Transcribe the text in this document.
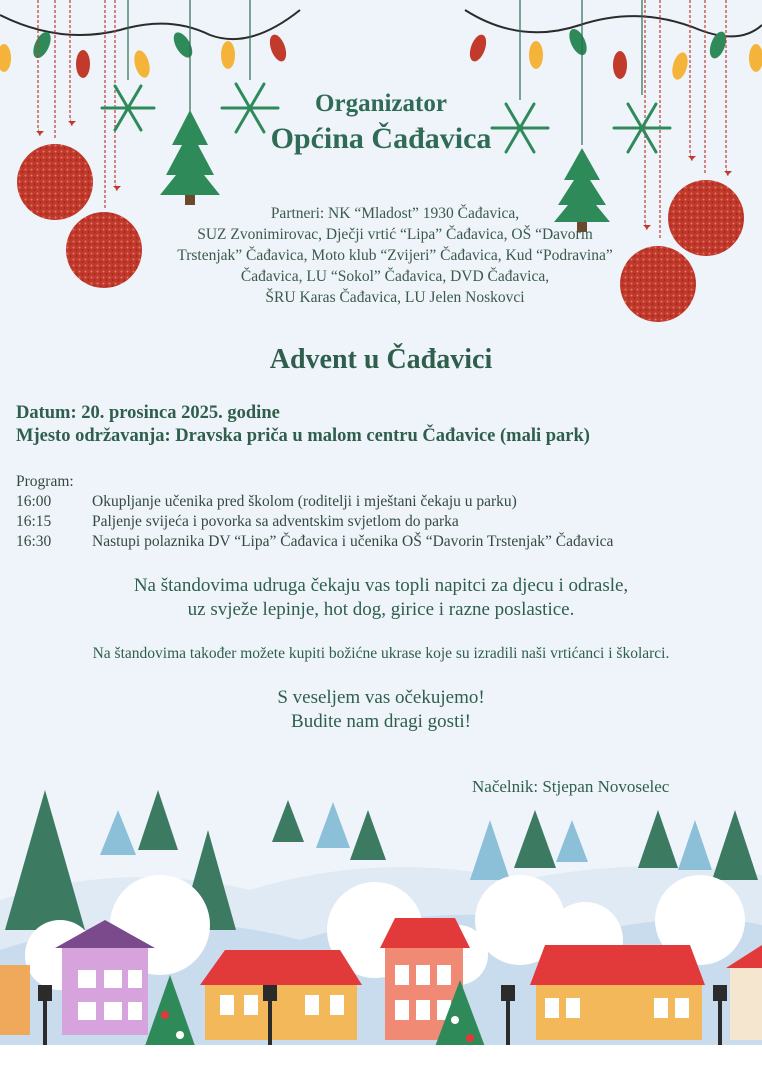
Organizator
Općina Čađavica
Partneri: NK “Mladost” 1930 Čađavica,
SUZ Zvonimirovac, Dječji vrtić “Lipa” Čađavica, OŠ “Davorin
Trstenjak” Čađavica, Moto klub “Zvijeri” Čađavica, Kud “Podravina”
Čađavica, LU “Sokol” Čađavica, DVD Čađavica,
ŠRU Karas Čađavica, LU Jelen Noskovci
Advent u Čađavici
Datum: 20. prosinca 2025. godine
Mjesto održavanja: Dravska priča u malom centru Čađavice (mali park)
Program:
16:00	Okupljanje učenika pred školom (roditelji i mještani čekaju u parku)
16:15	Paljenje svijeća i povorka sa adventskim svjetlom do parka
16:30	Nastupi polaznika DV “Lipa” Čađavica i učenika OŠ “Davorin Trstenjak” Čađavica
Na štandovima udruga čekaju vas topli napitci za djecu i odrasle,
uz svježe lepinje, hot dog, girice i razne poslastice.
Na štandovima također možete kupiti božićne ukrase koje su izradili naši vrtićanci i školarci.
S veseljem vas očekujemo!
Budite nam dragi gosti!
Načelnik: Stjepan Novoselec
